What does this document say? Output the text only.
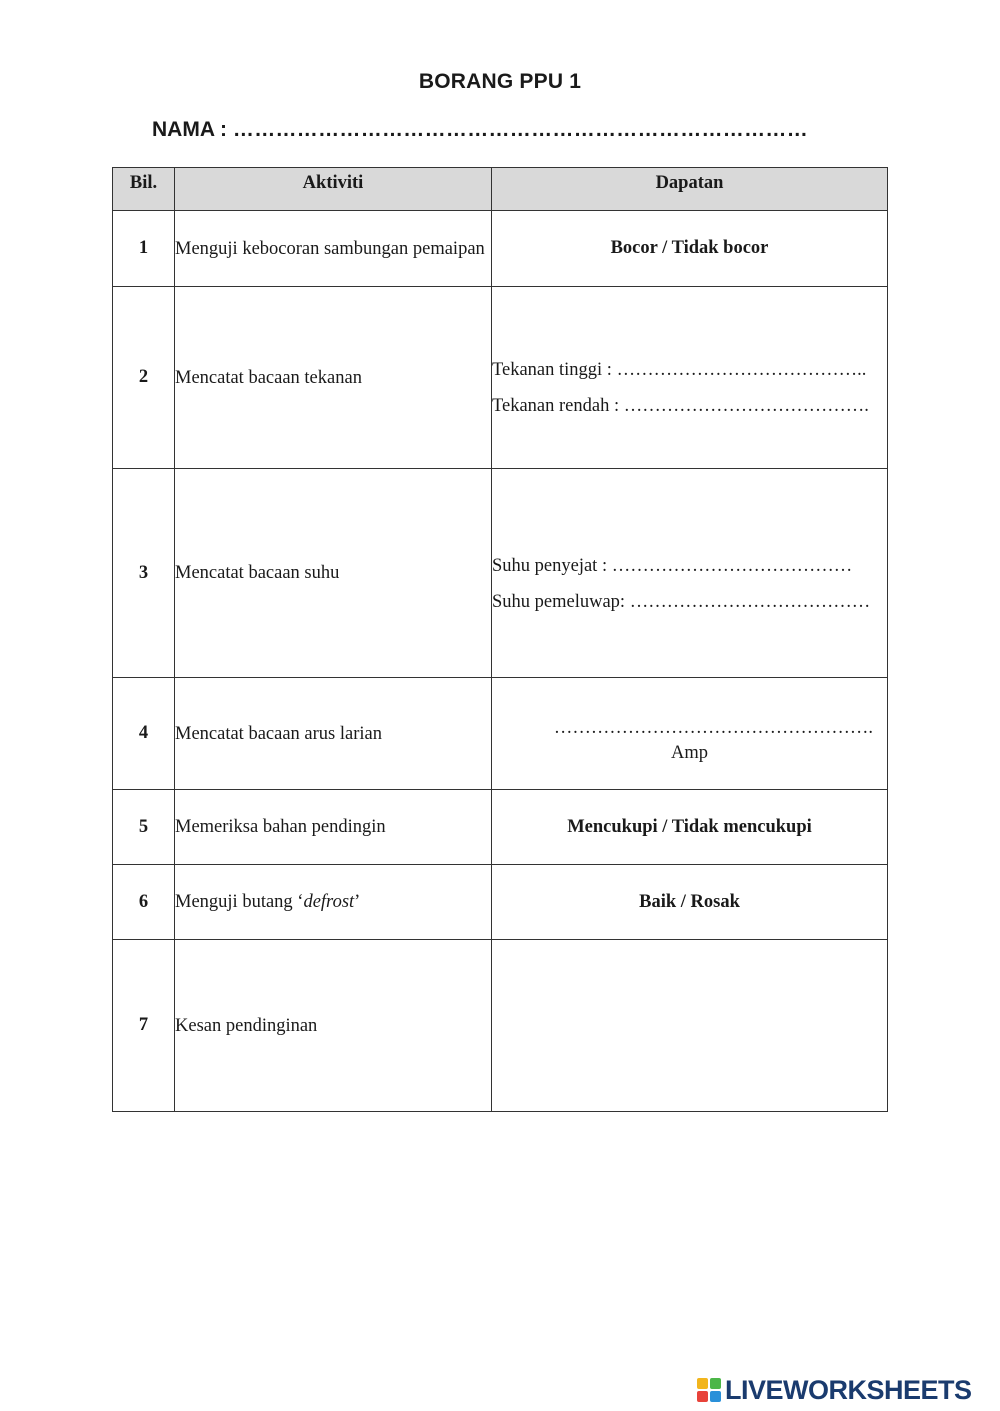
BORANG PPU 1
NAMA : ………………………………………………………………………
Bil.	Aktiviti	Dapatan
1	Menguji kebocoran sambungan pemaipan	Bocor / Tidak bocor
2	Mencatat bacaan tekanan	Tekanan tinggi : …………………………………..
Tekanan rendah : ………………………………….

3	Mencatat bacaan suhu	Suhu penyejat : …………………………………
Suhu pemeluwap: …………………………………

4	Mencatat bacaan arus larian	…………………………………………….
Amp

5	Memeriksa bahan pendingin	Mencukupi / Tidak mencukupi
6	Menguji butang ‘defrost’	Baik / Rosak
7	Kesan pendinginan	
LIVEWORKSHEETS
